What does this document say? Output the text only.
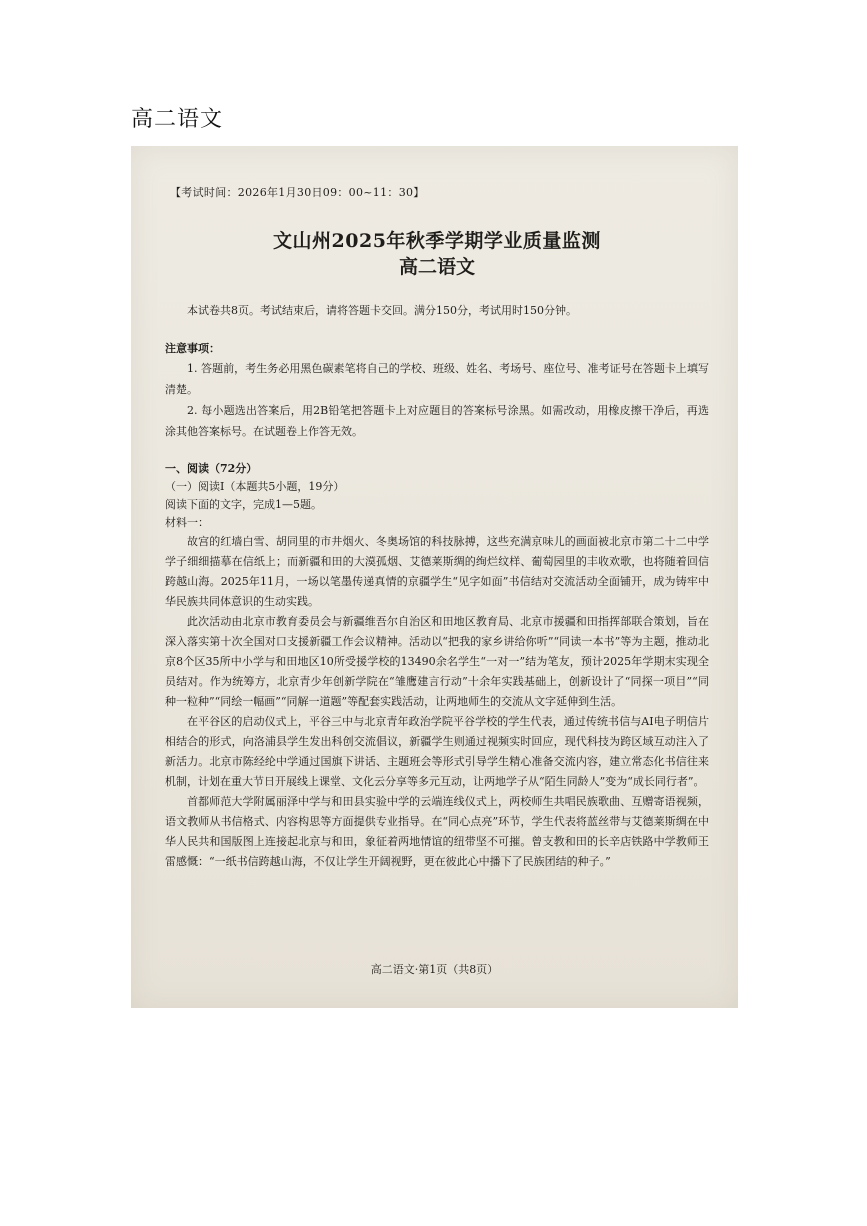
高二语文
【考试时间：2026年1月30日09：00~11：30】
文山州2025年秋季学期学业质量监测
高二语文
本试卷共8页。考试结束后，请将答题卡交回。满分150分，考试用时150分钟。
注意事项：
1. 答题前，考生务必用黑色碳素笔将自己的学校、班级、姓名、考场号、座位号、准考证号在答题卡上填写清楚。
2. 每小题选出答案后，用2B铅笔把答题卡上对应题目的答案标号涂黑。如需改动，用橡皮擦干净后，再选涂其他答案标号。在试题卷上作答无效。
一、阅读（72分）
（一）阅读Ⅰ（本题共5小题，19分）
阅读下面的文字，完成1—5题。
材料一：
故宫的红墙白雪、胡同里的市井烟火、冬奥场馆的科技脉搏，这些充满京味儿的画面被北京市第二十二中学学子细细描摹在信纸上；而新疆和田的大漠孤烟、艾德莱斯绸的绚烂纹样、葡萄园里的丰收欢歌，也将随着回信跨越山海。2025年11月，一场以笔墨传递真情的京疆学生“见字如面”书信结对交流活动全面铺开，成为铸牢中华民族共同体意识的生动实践。
此次活动由北京市教育委员会与新疆维吾尔自治区和田地区教育局、北京市援疆和田指挥部联合策划，旨在深入落实第十次全国对口支援新疆工作会议精神。活动以“把我的家乡讲给你听”“同读一本书”等为主题，推动北京8个区35所中小学与和田地区10所受援学校的13490余名学生“一对一”结为笔友，预计2025年学期末实现全员结对。作为统筹方，北京青少年创新学院在“雏鹰建言行动”十余年实践基础上，创新设计了“同探一项目”“同种一粒种”“同绘一幅画”“同解一道题”等配套实践活动，让两地师生的交流从文字延伸到生活。
在平谷区的启动仪式上，平谷三中与北京青年政治学院平谷学校的学生代表，通过传统书信与AI电子明信片相结合的形式，向洛浦县学生发出科创交流倡议，新疆学生则通过视频实时回应，现代科技为跨区域互动注入了新活力。北京市陈经纶中学通过国旗下讲话、主题班会等形式引导学生精心准备交流内容，建立常态化书信往来机制，计划在重大节日开展线上课堂、文化云分享等多元互动，让两地学子从“陌生同龄人”变为“成长同行者”。
首都师范大学附属丽泽中学与和田县实验中学的云端连线仪式上，两校师生共唱民族歌曲、互赠寄语视频，语文教师从书信格式、内容构思等方面提供专业指导。在“同心点亮”环节，学生代表将蓝丝带与艾德莱斯绸在中华人民共和国版图上连接起北京与和田，象征着两地情谊的纽带坚不可摧。曾支教和田的长辛店铁路中学教师王雷感慨：“一纸书信跨越山海，不仅让学生开阔视野，更在彼此心中播下了民族团结的种子。”
高二语文·第1页（共8页）
